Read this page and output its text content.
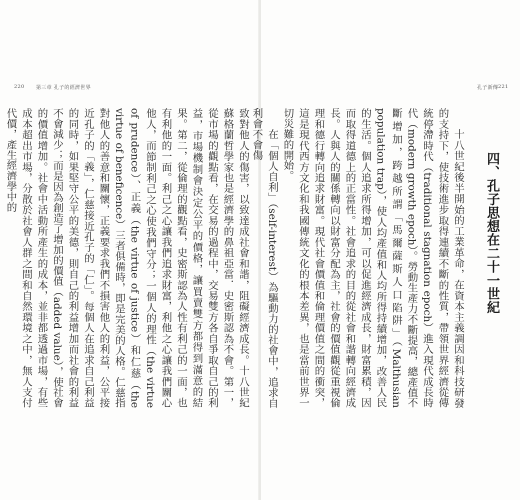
220 第三章 孔子的經濟世界

致對他人的傷害，以致達成社會和諧，阻礙經濟成長。十八世紀蘇格蘭哲學家也是經濟學的鼻祖亞當．史密斯認為不會。第一，從市場的觀點看，在交易的過程中，交易雙方各自爭取自己的利益，市場機制會決定公平的價格，讓買賣雙方都得到滿意的結果。第二，從倫理的觀點看，史密斯認為人性有利己的一面，也有利他的一面。利己之心讓我們追求財富，利他之心讓我們關心他人，而節制利己之心使我們守分；一個人的理性（the virtue of prudence）、正義（the virtue of justice）和仁慈（the virtue of beneficence）三者俱備時，即是完美的人格。仁慈指對他人的善意和關懷，正義要求我們不損害他人的利益，公平接近孔子的「義」，仁慈接近孔子的「仁」。每個人在追求自己利益的同時，如果堅守公平的美德，則自己的利益增加而社會的利益不會減少；而是因為創造了增加的價值（added value），使社會的價值增加。社會中活動所產生的成本，並非都透過市場，有些成本超出市場，分散於社會人群之間和自然環境之中，無人支付代價，產生經濟學中的

孔子新傳 221
四、孔子思想在二十一世紀

十八世紀後半開始的工業革命，在資本主義調因和科技研發的支持下，使技術進步取得連續不斷的性質，帶領世界經濟從傳統停滯時代（traditional stagnation epoch）進入現代成長時代（modern growth epoch）。勞動生產力不斷提高，總產值不斷增加，跨越所謂「馬爾薩斯人口陷阱」（Malthusian population trap），使人均產值和人均所得持續增加，改善人民的生活。個人追求所得增加，可以促進經濟成長，財富累積，因而取得道德上的正當性。社會追求的目的從社會和諧轉向經濟成長。人與人的關係轉向以財富分配為主，社會的價值觀從重視倫理和德行轉向追求財富。現代社會價值和倫理價值之間的衝突，這是現代西方文化和我國傳統文化的根本差異，也是當前世界一切災難的開始。

在「個人自利」（self-interest）為驅動力的社會中，追求自利會不會傷
